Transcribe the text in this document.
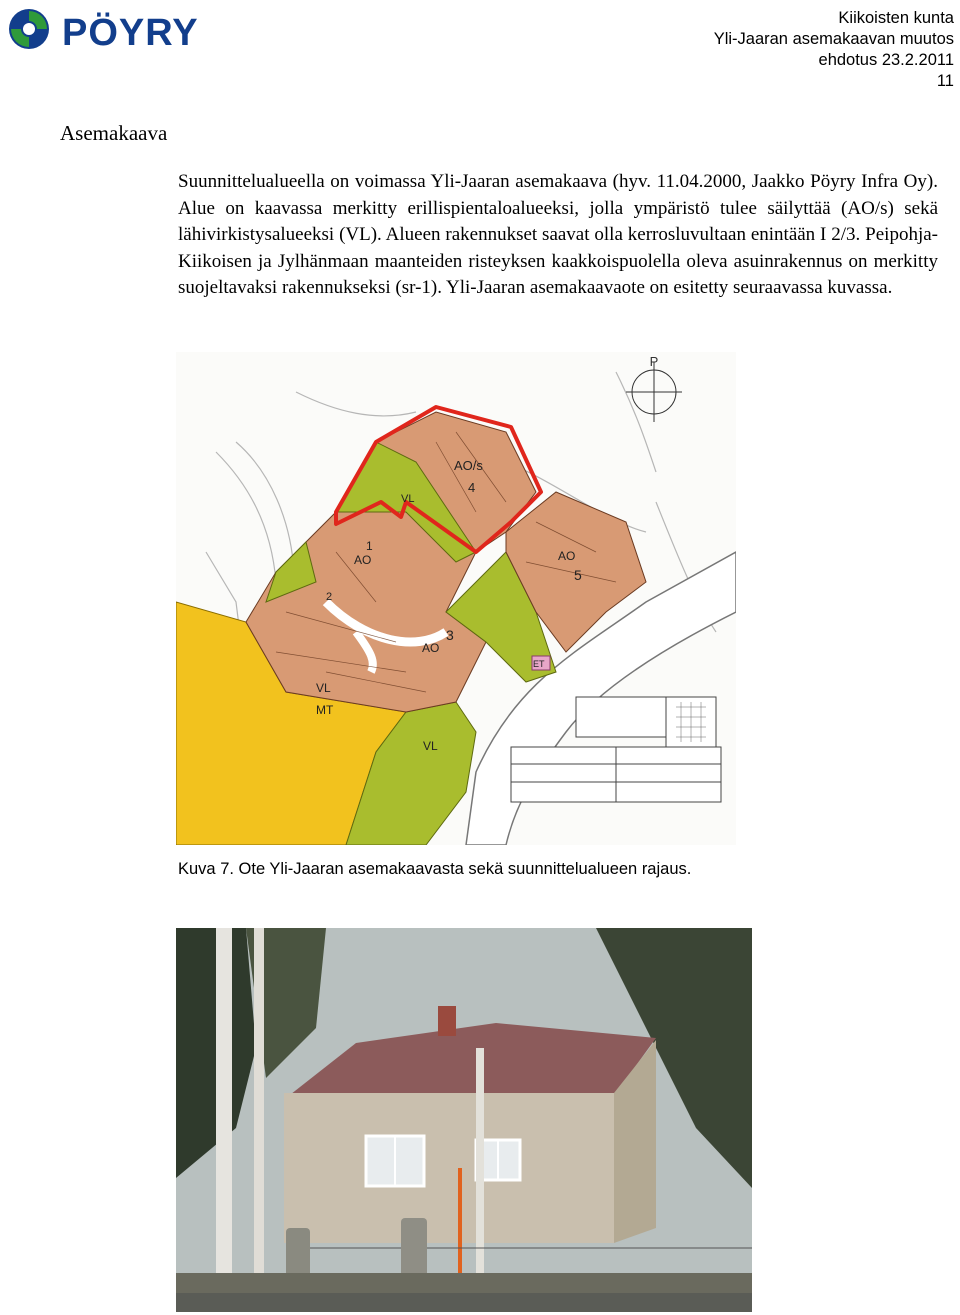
PÖYRY	Kiikoisten kunta
Yli-Jaaran asemakaavan muutos
ehdotus 23.2.2011
11
Asemakaava
Suunnittelualueella on voimassa Yli-Jaaran asemakaava (hyv. 11.04.2000, Jaakko Pöyry Infra Oy). Alue on kaavassa merkitty erillispientaloalueeksi, jolla ympäristö tulee säilyttää (AO/s) sekä lähivirkistysalueeksi (VL). Alueen rakennukset saavat olla kerrosluvultaan enintään I 2/3. Peipohja-Kiikoisen ja Jylhänmaan maanteiden risteyksen kaakkoispuolella oleva asuinrakennus on merkitty suojeltavaksi rakennukseksi (sr-1). Yli-Jaaran asemakaavaote on esitetty seuraavassa kuvassa.
AO/s
4
VL
1
AO
AO
3
AO
5
2
VL
MT
VL
ET
P
Kuva 7. Ote Yli-Jaaran asemakaavasta sekä suunnittelualueen rajaus.
